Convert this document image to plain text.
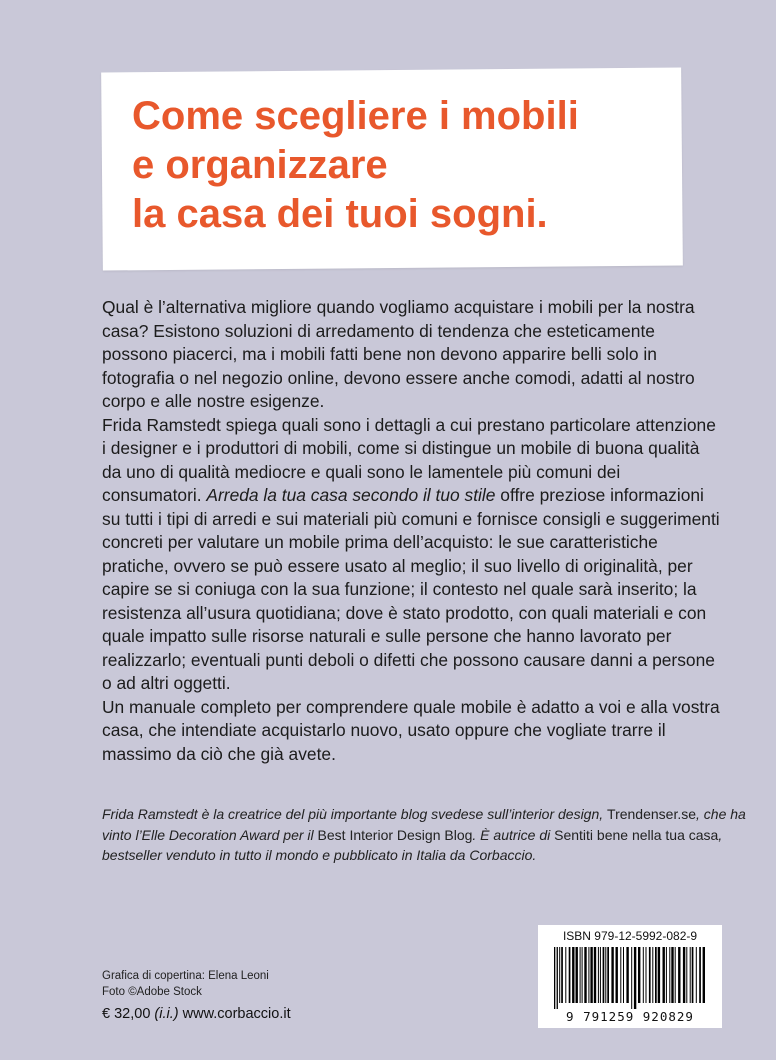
Come scegliere i mobili
e organizzare
la casa dei tuoi sogni.

Qual è l’alternativa migliore quando vogliamo acquistare i mobili per la nostra casa? Esistono soluzioni di arredamento di tendenza che esteticamente possono piacerci, ma i mobili fatti bene non devono apparire belli solo in fotografia o nel negozio online, devono essere anche comodi, adatti al nostro corpo e alle nostre esigenze.

Frida Ramstedt spiega quali sono i dettagli a cui prestano particolare attenzione i designer e i produttori di mobili, come si distingue un mobile di buona qualità da uno di qualità mediocre e quali sono le lamentele più comuni dei consumatori. Arreda la tua casa secondo il tuo stile offre preziose informazioni su tutti i tipi di arredi e sui materiali più comuni e fornisce consigli e suggerimenti concreti per valutare un mobile prima dell’acquisto: le sue caratteristiche pratiche, ovvero se può essere usato al meglio; il suo livello di originalità, per capire se si coniuga con la sua funzione; il contesto nel quale sarà inserito; la resistenza all’usura quotidiana; dove è stato prodotto, con quali materiali e con quale impatto sulle risorse naturali e sulle persone che hanno lavorato per realizzarlo; eventuali punti deboli o difetti che possono causare danni a persone o ad altri oggetti.

Un manuale completo per comprendere quale mobile è adatto a voi e alla vostra casa, che intendiate acquistarlo nuovo, usato oppure che vogliate trarre il massimo da ciò che già avete.

Frida Ramstedt è la creatrice del più importante blog svedese sull’interior design, Trendenser.se, che ha vinto l’Elle Decoration Award per il Best Interior Design Blog. È autrice di Sentiti bene nella tua casa, bestseller venduto in tutto il mondo e pubblicato in Italia da Corbaccio.
Grafica di copertina: Elena Leoni
Foto ©Adobe Stock
€ 32,00 (i.i.) www.corbaccio.it
ISBN 979-12-5992-082-9
9 791259 920829
